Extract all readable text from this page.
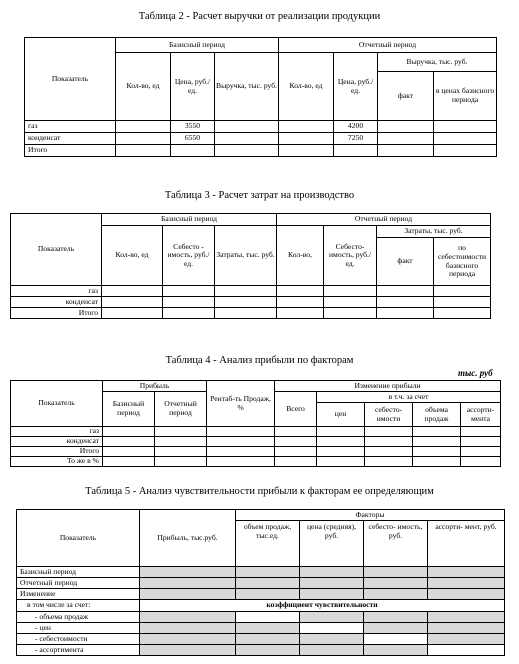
Таблица 2 - Расчет выручки от реализации продукции
Показатель	Базисный период			Отчетный период			
	Кол-во, ед	Цена, руб./ед.	Выручка, тыс. руб.	Кол-во, ед	Цена, руб./ед.	Выручка, тыс. руб.	
						факт	в ценах базисного периода
газ		3550			4200		
конденсат		6550			7250		
Итого							
Таблица 3 - Расчет затрат на производство
Показатель	Базисный период			Отчетный период			
	Кол-во, ед	Себесто - имость, руб./ед.	Затраты, тыс. руб.	Кол-во,	Себесто- имость, руб./ед.	Затраты, тыс. руб.	
						факт	по себестоимости базисного периода
газ							
конденсат							
Итого							
Таблица 4 - Анализ прибыли по факторам
тыс. руб
Показатель	Прибыль		Рентаб-ть Продаж, %	Изменение прибыли				
	Базисный период	Отчетный период		Всего	в т.ч. за счет			
					цен	себесто- имости	объема продаж	ассорти- мента
газ								
конденсат								
Итого								
То же в %								
Таблица 5 - Анализ чувствительности прибыли к факторам ее определяющим
Показатель	Прибыль, тыс.руб.	Факторы			
		объем продаж, тыс.ед.	цена (средняя), руб.	себесто- имость, руб.	ассорти- мент, руб.
Базисный период					
Отчетный период					
Изменение					
в том числе за счет:	коэффициент чувствительности				
- объема продаж					
- цен					
- себестоимости					
- ассортимента					
